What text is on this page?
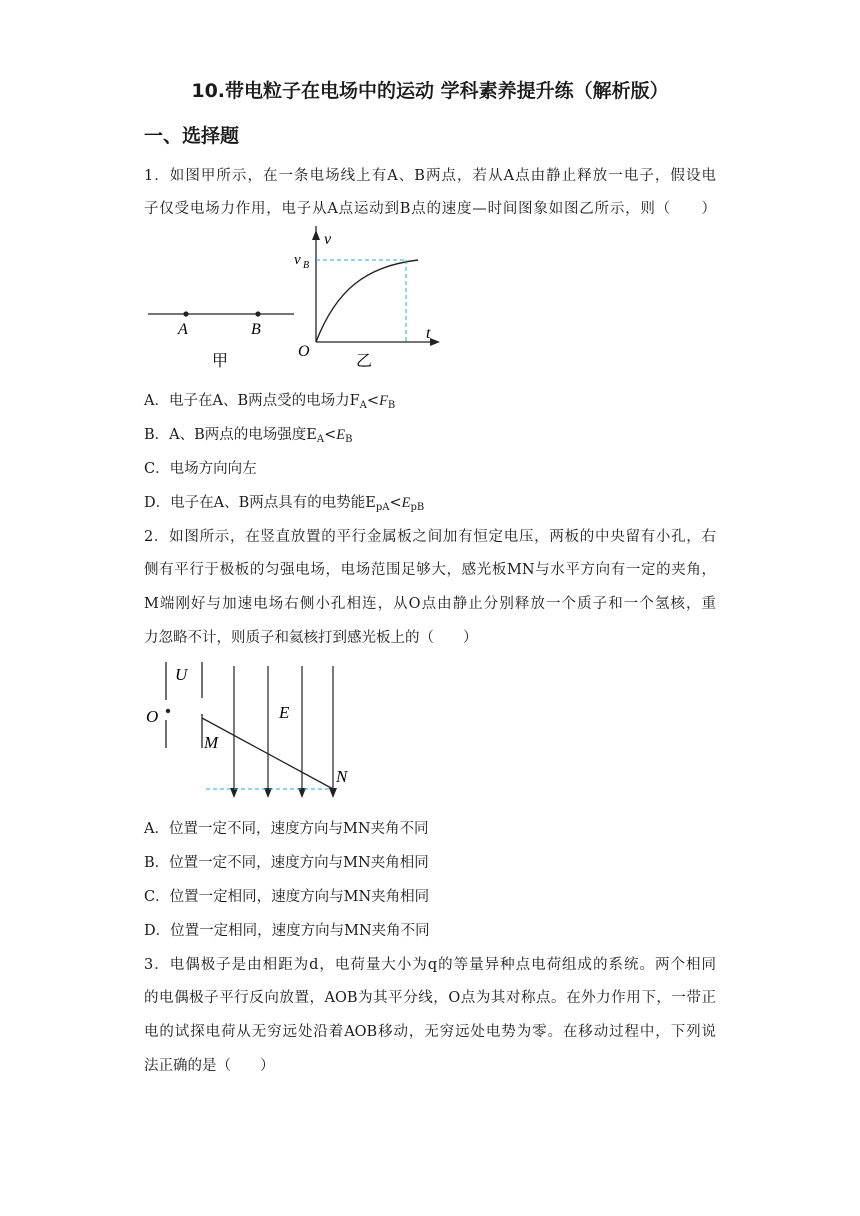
10.带电粒子在电场中的运动 学科素养提升练（解析版）
一、选择题
1．如图甲所示，在一条电场线上有A、B两点，若从A点由静止释放一电子，假设电
子仅受电场力作用，电子从A点运动到B点的速度—时间图象如图乙所示，则（　　）
A	B
甲
v
v B
t
O	乙
A．电子在A、B两点受的电场力$F_A<F_B$
B．A、B两点的电场强度$E_A<E_B$
C．电场方向向左
D．电子在A、B两点具有的电势能$E_{pA}<E_{pB}$
2．如图所示，在竖直放置的平行金属板之间加有恒定电压，两板的中央留有小孔，右
侧有平行于极板的匀强电场，电场范围足够大，感光板MN与水平方向有一定的夹角，
M端刚好与加速电场右侧小孔相连，从O点由静止分别释放一个质子和一个氢核，重
力忽略不计，则质子和氦核打到感光板上的（　　）
U
O	E
M
N
A．位置一定不同，速度方向与MN夹角不同
B．位置一定不同，速度方向与MN夹角相同
C．位置一定相同，速度方向与MN夹角相同
D．位置一定相同，速度方向与MN夹角不同
3．电偶极子是由相距为d，电荷量大小为q的等量异种点电荷组成的系统。两个相同
的电偶极子平行反向放置，AOB为其平分线，O点为其对称点。在外力作用下，一带正
电的试探电荷从无穷远处沿着AOB移动，无穷远处电势为零。在移动过程中，下列说
法正确的是（　　）
